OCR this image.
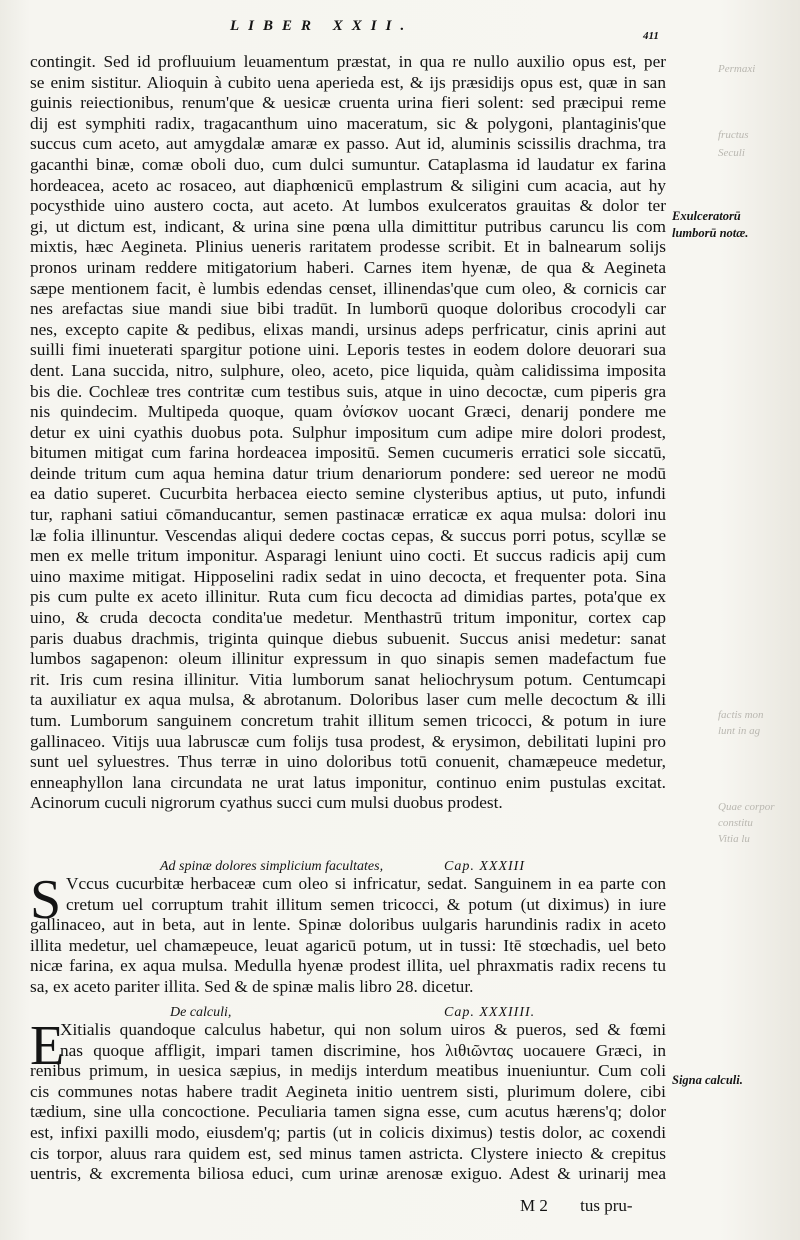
LIBER XXII.
411
Permaxi
fructus
Seculi
factis mon
lunt in ag
Quae corpor
constitu
Vitia lu
contingit. Sed id profluuium leuamentum præstat, in qua re nullo auxilio opus est, per
se enim sistitur. Alioquin à cubito uena aperieda est, & ijs præsidijs opus est, quæ in san
guinis reiectionibus, renum'que & uesicæ cruenta urina fieri solent: sed præcipui reme
dij est symphiti radix, tragacanthum uino maceratum, sic & polygoni, plantaginis'que
succus cum aceto, aut amygdalæ amaræ ex passo. Aut id, aluminis scissilis drachma, tra
gacanthi binæ, comæ oboli duo, cum dulci sumuntur. Cataplasma id laudatur ex farina
hordeacea, aceto ac rosaceo, aut diaphœnicū emplastrum & siligini cum acacia, aut hy
pocysthide uino austero cocta, aut aceto. At lumbos exulceratos grauitas & dolor ter
gi, ut dictum est, indicant, & urina sine pœna ulla dimittitur putribus caruncu lis com
mixtis, hæc Aegineta. Plinius ueneris raritatem prodesse scribit. Et in balnearum solijs
pronos urinam reddere mitigatorium haberi. Carnes item hyenæ, de qua & Aegineta
sæpe mentionem facit, è lumbis edendas censet, illinendas'que cum oleo, & cornicis car
nes arefactas siue mandi siue bibi tradūt. In lumborū quoque doloribus crocodyli car
nes, excepto capite & pedibus, elixas mandi, ursinus adeps perfricatur, cinis aprini aut
suilli fimi inueterati spargitur potione uini. Leporis testes in eodem dolore deuorari sua
dent. Lana succida, nitro, sulphure, oleo, aceto, pice liquida, quàm calidissima imposita
bis die. Cochleæ tres contritæ cum testibus suis, atque in uino decoctæ, cum piperis gra
nis quindecim. Multipeda quoque, quam ὀνίσκον uocant Græci, denarij pondere me
detur ex uini cyathis duobus pota. Sulphur impositum cum adipe mire dolori prodest,
bitumen mitigat cum farina hordeacea impositū. Semen cucumeris erratici sole siccatū,
deinde tritum cum aqua hemina datur trium denariorum pondere: sed uereor ne modū
ea datio superet. Cucurbita herbacea eiecto semine clysteribus aptius, ut puto, infundi
tur, raphani satiui cōmanducantur, semen pastinacæ erraticæ ex aqua mulsa: dolori inu
læ folia illinuntur. Vescendas aliqui dedere coctas cepas, & succus porri potus, scyllæ se
men ex melle tritum imponitur. Asparagi leniunt uino cocti. Et succus radicis apij cum
uino maxime mitigat. Hipposelini radix sedat in uino decocta, et frequenter pota. Sina
pis cum pulte ex aceto illinitur. Ruta cum ficu decocta ad dimidias partes, pota'que ex
uino, & cruda decocta condita'ue medetur. Menthastrū tritum imponitur, cortex cap
paris duabus drachmis, triginta quinque diebus subuenit. Succus anisi medetur: sanat
lumbos sagapenon: oleum illinitur expressum in quo sinapis semen madefactum fue
rit. Iris cum resina illinitur. Vitia lumborum sanat heliochrysum potum. Centumcapi
ta auxiliatur ex aqua mulsa, & abrotanum. Doloribus laser cum melle decoctum & illi
tum. Lumborum sanguinem concretum trahit illitum semen tricocci, & potum in iure
gallinaceo. Vitijs uua labruscæ cum folijs tusa prodest, & erysimon, debilitati lupini pro
sunt uel syluestres. Thus terræ in uino doloribus totū conuenit, chamæpeuce medetur,
enneaphyllon lana circundata ne urat latus imponitur, continuo enim pustulas excitat.
Acinorum cuculi nigrorum cyathus succi cum mulsi duobus prodest.
Exulceratorū
lumborū notæ.
Ad spinæ dolores simplicium facultates,	Cap. XXXIII
S Vccus cucurbitæ herbaceæ cum oleo si infricatur, sedat. Sanguinem in ea parte con
cretum uel corruptum trahit illitum semen tricocci, & potum (ut diximus) in iure
gallinaceo, aut in beta, aut in lente. Spinæ doloribus uulgaris harundinis radix in aceto
illita medetur, uel chamæpeuce, leuat agaricū potum, ut in tussi: Itē stœchadis, uel beto
nicæ farina, ex aqua mulsa. Medulla hyenæ prodest illita, uel phraxmatis radix recens tu
sa, ex aceto pariter illita. Sed & de spinæ malis libro 28. dicetur.
De calculi,	Cap. XXXIIII.
E
Xitialis quandoque calculus habetur, qui non solum uiros & pueros, sed & fœmi
nas quoque affligit, impari tamen discrimine, hos λιθιῶντας uocauere Græci, in
renibus primum, in uesica sæpius, in medijs interdum meatibus inueniuntur. Cum coli
cis communes notas habere tradit Aegineta initio uentrem sisti, plurimum dolere, cibi
tædium, sine ulla concoctione. Peculiaria tamen signa esse, cum acutus hærens'q; dolor
est, infixi paxilli modo, eiusdem'q; partis (ut in colicis diximus) testis dolor, ac coxendi
cis torpor, aluus rara quidem est, sed minus tamen astricta. Clystere iniecto & crepitus
uentris, & excrementa biliosa educi, cum urinæ arenosæ exiguo. Adest & urinarij mea
Signa calculi.
M 2 tus pru-
